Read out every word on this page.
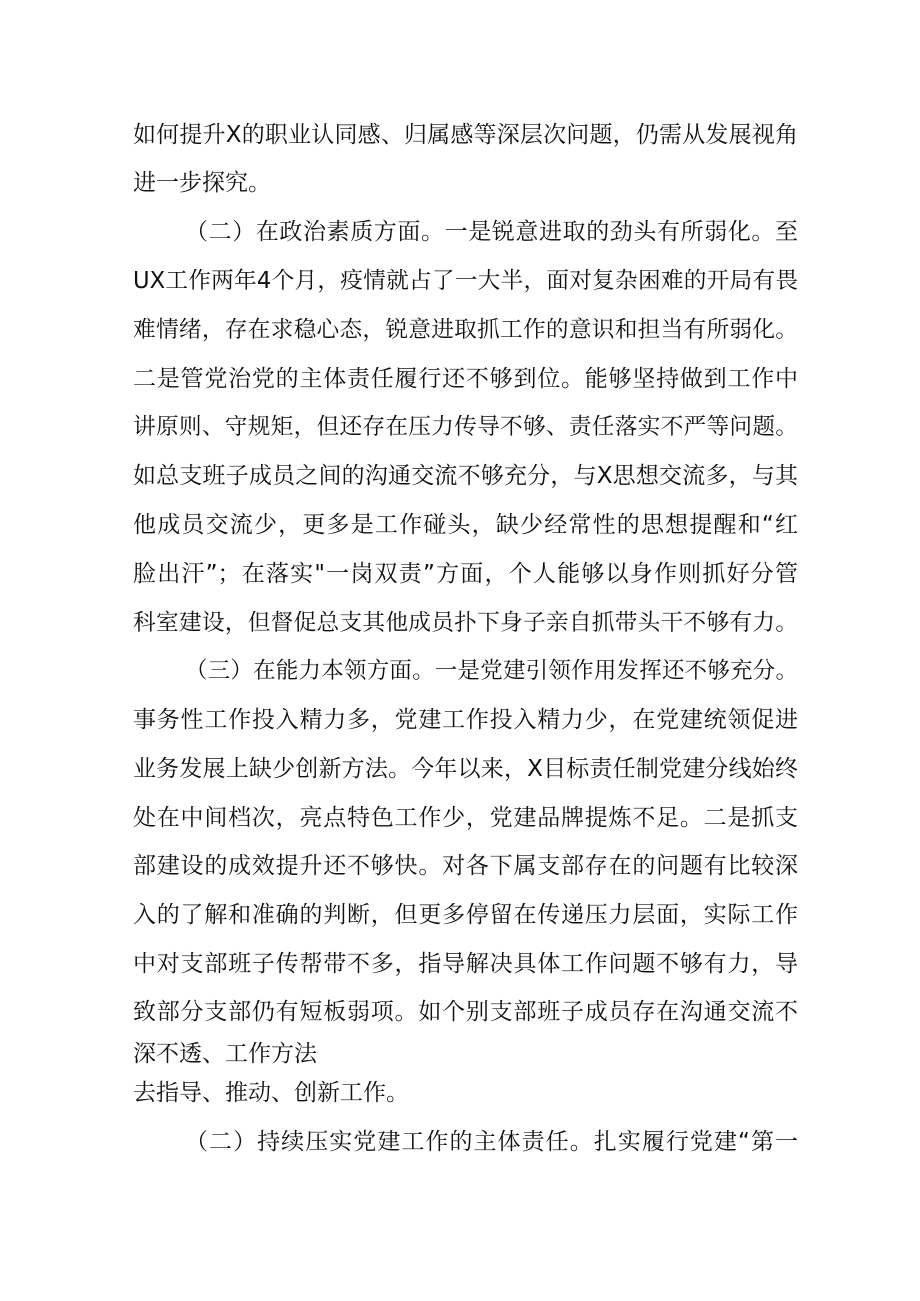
如何提升X的职业认同感、归属感等深层次问题，仍需从发展视角
进一步探究。
（二）在政治素质方面。一是锐意进取的劲头有所弱化。至
UX工作两年4个月，疫情就占了一大半，面对复杂困难的开局有畏
难情绪，存在求稳心态，锐意进取抓工作的意识和担当有所弱化。
二是管党治党的主体责任履行还不够到位。能够坚持做到工作中
讲原则、守规矩，但还存在压力传导不够、责任落实不严等问题。
如总支班子成员之间的沟通交流不够充分，与X思想交流多，与其
他成员交流少，更多是工作碰头，缺少经常性的思想提醒和“红
脸出汗”；在落实"一岗双责”方面，个人能够以身作则抓好分管
科室建设，但督促总支其他成员扑下身子亲自抓带头干不够有力。
（三）在能力本领方面。一是党建引领作用发挥还不够充分。
事务性工作投入精力多，党建工作投入精力少，在党建统领促进
业务发展上缺少创新方法。今年以来，X目标责任制党建分线始终
处在中间档次，亮点特色工作少，党建品牌提炼不足。二是抓支
部建设的成效提升还不够快。对各下属支部存在的问题有比较深
入的了解和准确的判断，但更多停留在传递压力层面，实际工作
中对支部班子传帮带不多，指导解决具体工作问题不够有力，导
致部分支部仍有短板弱项。如个别支部班子成员存在沟通交流不
深不透、工作方法
去指导、推动、创新工作。
（二）持续压实党建工作的主体责任。扎实履行党建“第一
